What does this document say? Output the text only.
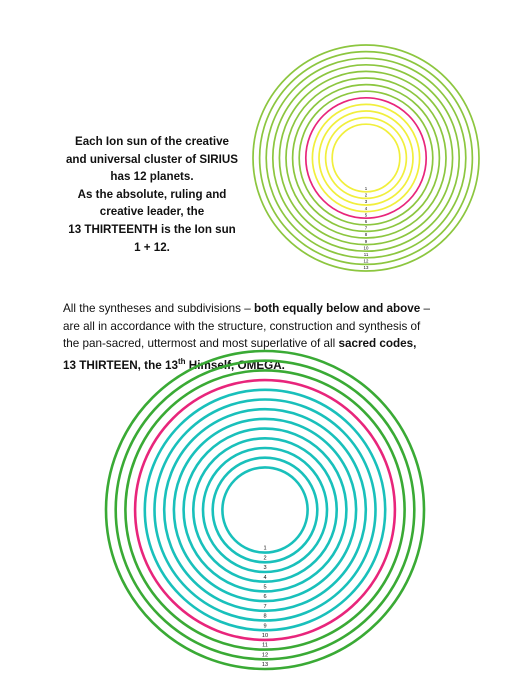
Each Ion sun of the creative
and universal cluster of SIRIUS
has 12 planets.
As the absolute, ruling and
creative leader, the
13 THIRTEENTH is the Ion sun
1 + 12.
All the syntheses and subdivisions – both equally below and above –
are all in accordance with the structure, construction and synthesis of
the pan-sacred, uttermost and most superlative of all sacred codes,
13 THIRTEEN, the 13th Himself, OMEGA.
1
2
3
4
5
6
7
8
9
10
11
12
13
1
2
3
4
5
6
7
8
9
10
11
12
13
